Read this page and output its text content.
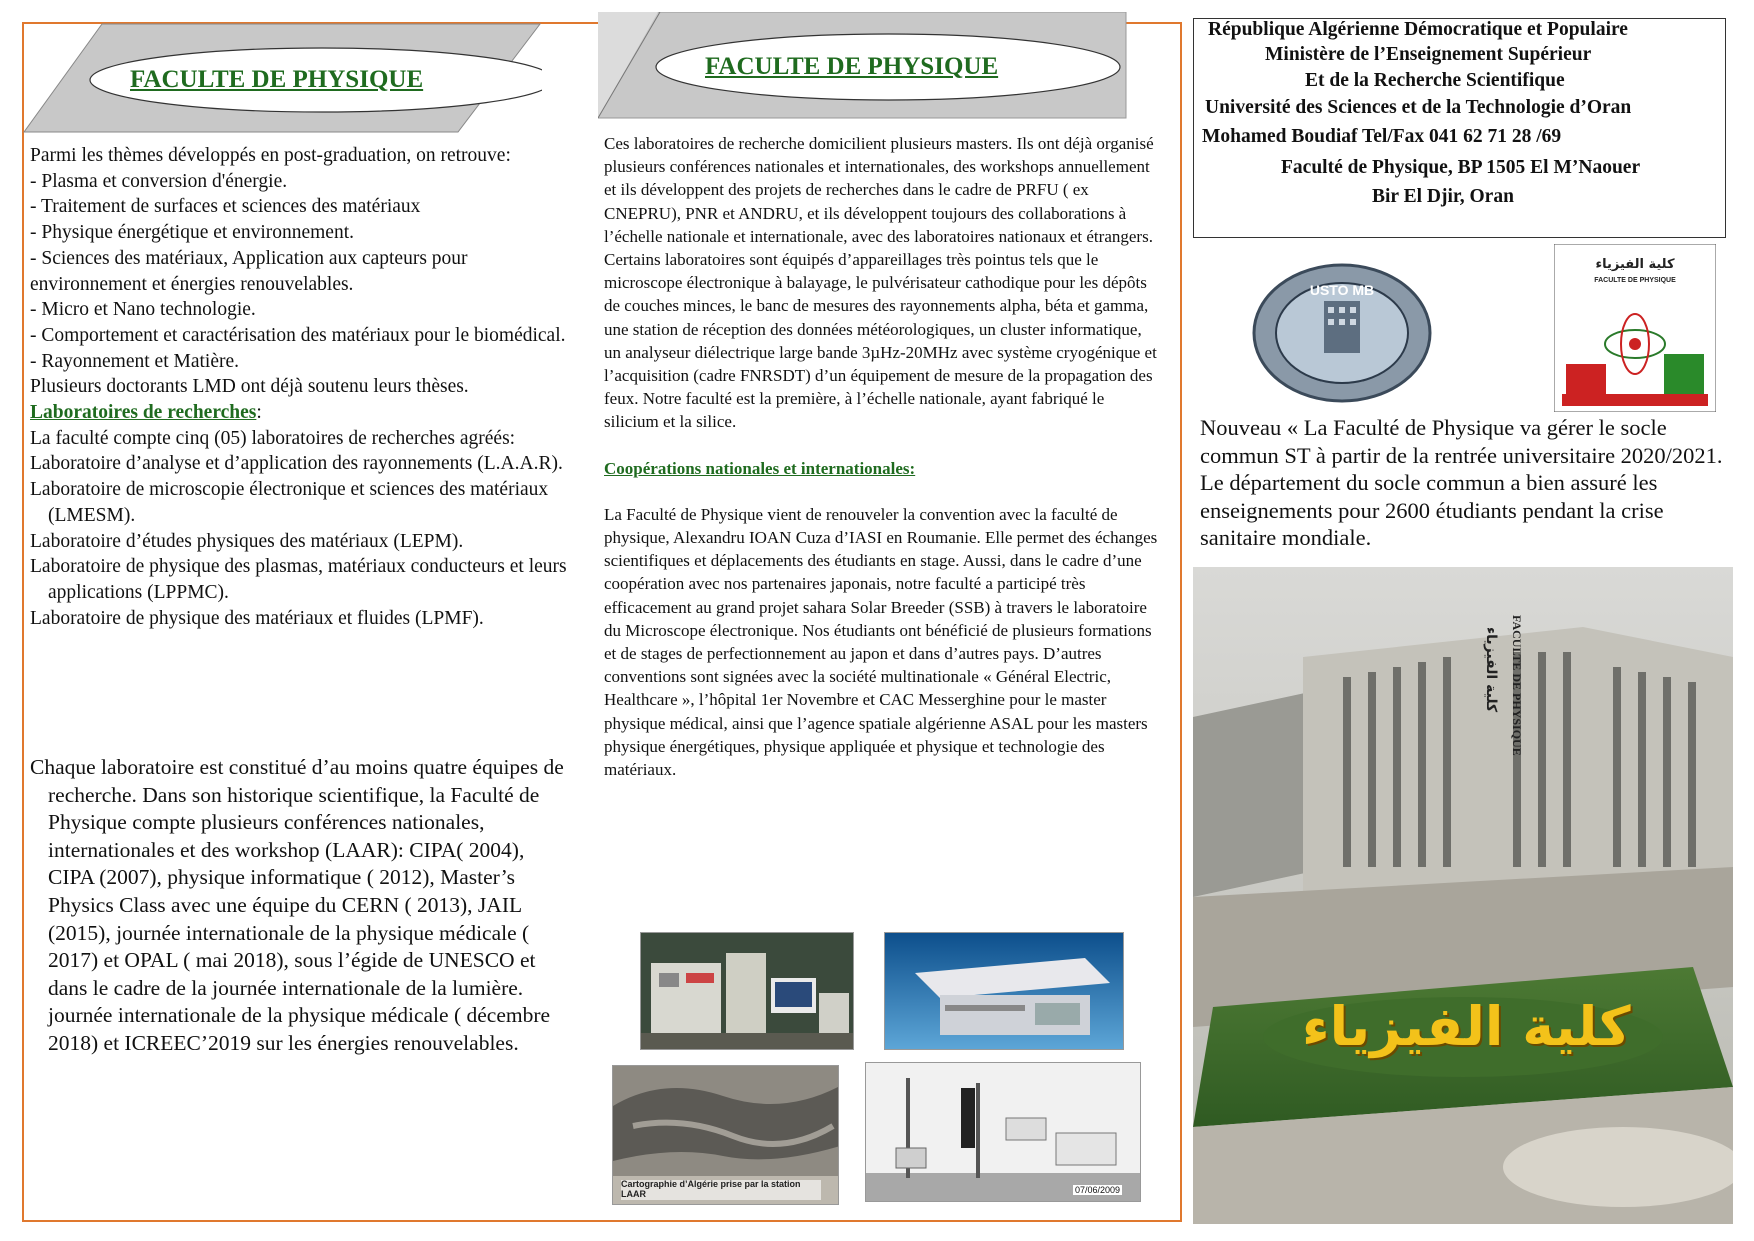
FACULTE DE PHYSIQUE

Parmi les thèmes développés en post-graduation, on retrouve:

- Plasma et conversion d'énergie.

- Traitement de surfaces et sciences des matériaux

- Physique énergétique et environnement.

- Sciences des matériaux, Application aux capteurs pour environnement et énergies renouvelables.

- Micro et Nano technologie.

- Comportement et caractérisation des matériaux pour le biomédical.

- Rayonnement et Matière.

Plusieurs doctorants LMD ont déjà soutenu leurs thèses.

Laboratoires de recherches:

La faculté compte cinq (05) laboratoires de recherches agréés:

Laboratoire d’analyse et d’application des rayonnements (L.A.A.R).

Laboratoire de microscopie électronique et sciences des matériaux (LMESM).

Laboratoire d’études physiques des matériaux (LEPM).

Laboratoire de physique des plasmas, matériaux conducteurs et leurs applications (LPPMC).

Laboratoire de physique des matériaux et fluides (LPMF).

Chaque laboratoire est constitué d’au moins quatre équipes de recherche. Dans son historique scientifique, la Faculté de Physique compte plusieurs conférences nationales, internationales et des workshop (LAAR): CIPA( 2004), CIPA (2007), physique informatique ( 2012), Master’s Physics Class avec une équipe du CERN ( 2013), JAIL (2015), journée internationale de la physique médicale ( 2017) et OPAL ( mai 2018), sous l’égide de UNESCO et dans le cadre de la journée internationale de la lumière. journée internationale de la physique médicale ( décembre 2018) et ICREEC’2019 sur les énergies renouvelables.

FACULTE DE PHYSIQUE

Ces laboratoires de recherche domicilient plusieurs masters. Ils ont déjà organisé plusieurs conférences nationales et internationales, des workshops annuellement et ils développent des projets de recherches dans le cadre de PRFU ( ex CNEPRU), PNR et ANDRU, et ils développent toujours des collaborations à l’échelle nationale et internationale, avec des laboratoires nationaux et étrangers.

Certains laboratoires sont équipés d’appareillages très pointus tels que le microscope électronique à balayage, le pulvérisateur cathodique pour les dépôts de couches minces, le banc de mesures des rayonnements alpha, béta et gamma, une station de réception des données météorologiques, un cluster informatique, un analyseur diélectrique large bande 3µHz-20MHz avec système cryogénique et l’acquisition (cadre FNRSDT) d’un équipement de mesure de la propagation des feux. Notre faculté est la première, à l’échelle nationale, ayant fabriqué le silicium et la silice.

Coopérations nationales et internationales:

La Faculté de Physique vient de renouveler la convention avec la faculté de physique, Alexandru IOAN Cuza d’IASI en Roumanie. Elle permet des échanges scientifiques et déplacements des étudiants en stage. Aussi, dans le cadre d’une coopération avec nos partenaires japonais, notre faculté a participé très efficacement au grand projet sahara Solar Breeder (SSB) à travers le laboratoire du Microscope électronique. Nos étudiants ont bénéficié de plusieurs formations et de stages de perfectionnement au japon et dans d’autres pays. D’autres conventions sont signées avec la société multinationale « Général Electric, Healthcare », l’hôpital 1er Novembre et CAC Messerghine pour le master physique médical, ainsi que l’agence spatiale algérienne ASAL pour les masters physique énergétiques, physique appliquée et physique et technologie des matériaux.

Cartographie d’Algérie prise par la station LAAR	07/06/2009
République Algérienne Démocratique et Populaire
Ministère de l’Enseignement Supérieur
Et de la Recherche Scientifique
Université des Sciences et de la Technologie d’Oran
Mohamed Boudiaf Tel/Fax 041 62 71 28 /69
Faculté de Physique, BP 1505 El M’Naouer
Bir El Djir, Oran
USTO MB
كلية الفيزياء
FACULTE DE PHYSIQUE
Nouveau « La Faculté de Physique va gérer le socle commun ST à partir de la rentrée universitaire 2020/2021. Le département du socle commun a bien assuré les enseignements pour 2600 étudiants pendant la crise sanitaire mondiale.
FACULTE DE PHYSIQUE
كلية الفيزياء
كلية الفيزياء
